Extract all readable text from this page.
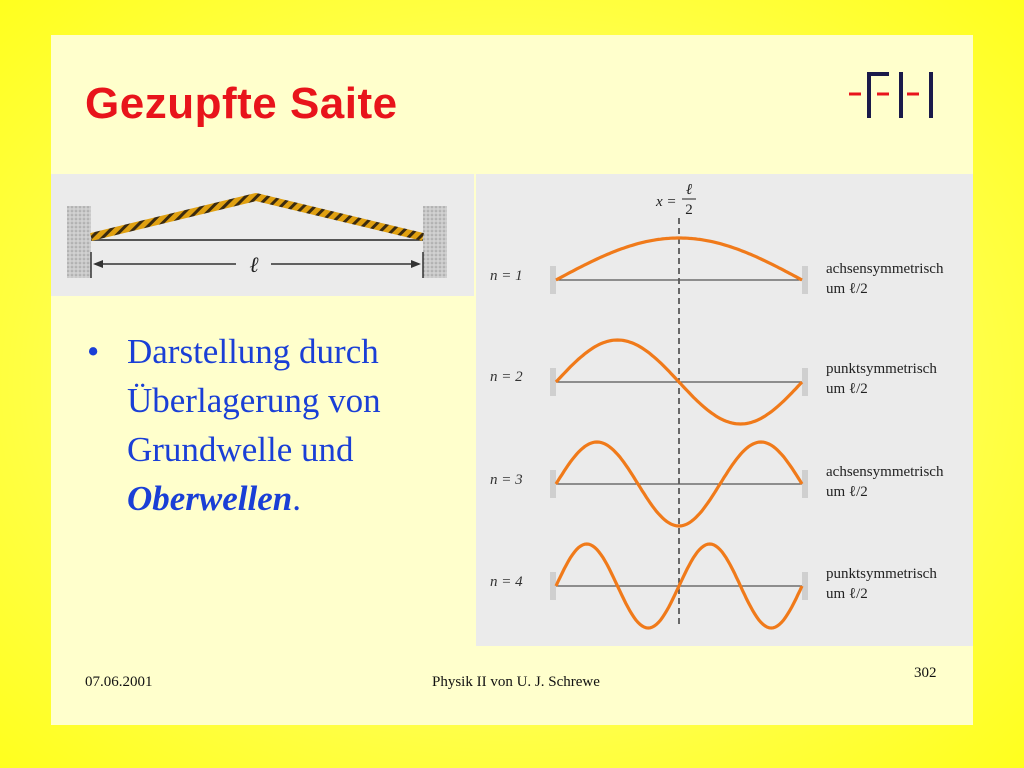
Gezupfte Saite
ℓ
x =
ℓ
2
n = 1
n = 2
n = 3
n = 4
achsensymmetrisch
um ℓ/2
punktsymmetrisch
um ℓ/2
achsensymmetrisch
um ℓ/2
punktsymmetrisch
um ℓ/2
• Darstellung durch
Überlagerung von
Grundwelle und
Oberwellen.
07.06.2001	Physik II von U. J. Schrewe
302
